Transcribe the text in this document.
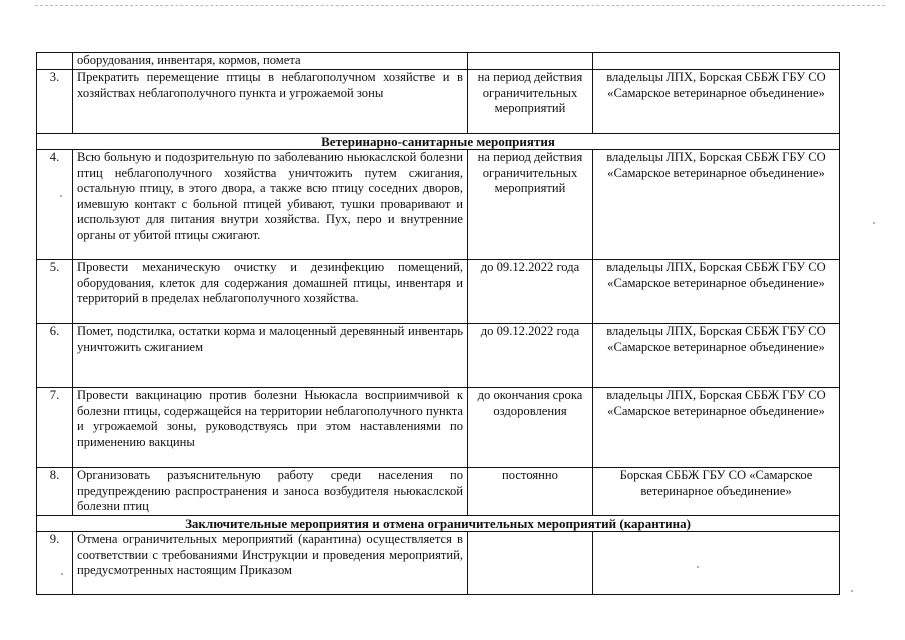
	оборудования, инвентаря, кормов, помета		
3.	Прекратить перемещение птицы в неблагополучном хозяйстве и в хозяйствах неблагополучного пункта и угрожаемой зоны	на период действия ограничительных мероприятий	владельцы ЛПХ, Борская СББЖ ГБУ СО «Самарское ветеринарное объединение»
Ветеринарно-санитарные мероприятия			
4.	Всю больную и подозрительную по заболеванию ньюкаслской болезни птиц неблагополучного хозяйства уничтожить путем сжигания, остальную птицу, в этого двора, а также всю птицу соседних дворов, имевшую контакт с больной птицей убивают, тушки проваривают и используют для питания внутри хозяйства. Пух, перо и внутренние органы от убитой птицы сжигают.	на период действия ограничительных мероприятий	владельцы ЛПХ, Борская СББЖ ГБУ СО «Самарское ветеринарное объединение»
5.	Провести механическую очистку и дезинфекцию помещений, оборудования, клеток для содержания домашней птицы, инвентаря и территорий в пределах неблагополучного хозяйства.	до 09.12.2022 года	владельцы ЛПХ, Борская СББЖ ГБУ СО «Самарское ветеринарное объединение»
6.	Помет, подстилка, остатки корма и малоценный деревянный инвентарь уничтожить сжиганием	до 09.12.2022 года	владельцы ЛПХ, Борская СББЖ ГБУ СО «Самарское ветеринарное объединение»
7.	Провести вакцинацию против болезни Ньюкасла восприимчивой к болезни птицы, содержащейся на территории неблагополучного пункта и угрожаемой зоны, руководствуясь при этом наставлениями по применению вакцины	до окончания срока оздоровления	владельцы ЛПХ, Борская СББЖ ГБУ СО «Самарское ветеринарное объединение»
8.	Организовать разъяснительную работу среди населения по предупреждению распространения и заноса возбудителя ньюкаслской болезни птиц	постоянно	Борская СББЖ ГБУ СО «Самарское ветеринарное объединение»
Заключительные мероприятия и отмена ограничительных мероприятий (карантина)			
9.	Отмена ограничительных мероприятий (карантина) осуществляется в соответствии с требованиями Инструкции и проведения мероприятий, предусмотренных настоящим Приказом		
